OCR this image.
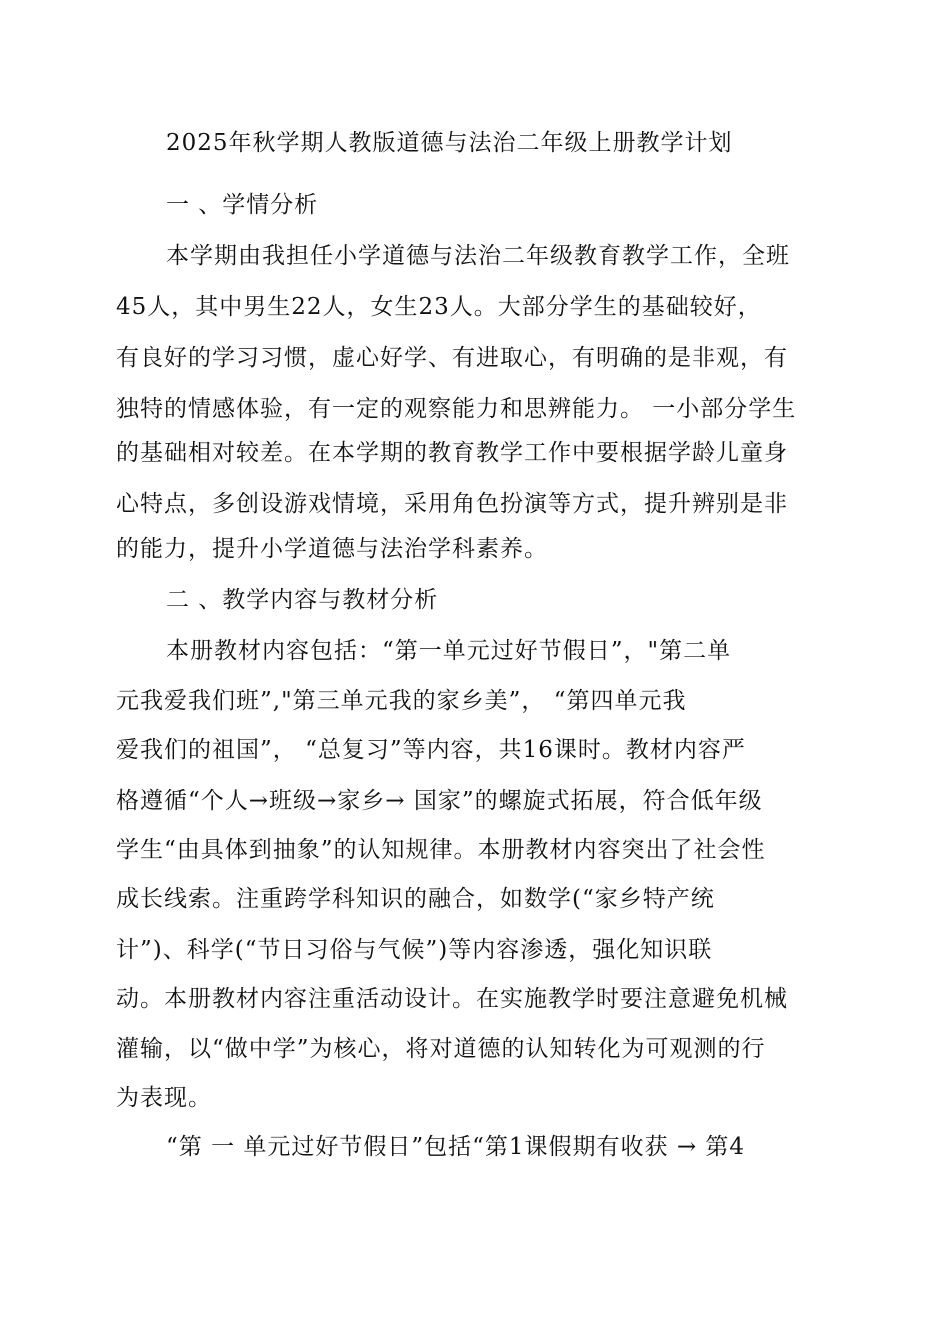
2025年秋学期人教版道德与法治二年级上册教学计划
一 、学情分析
本学期由我担任小学道德与法治二年级教育教学工作，全班
45人，其中男生22人，女生23人。大部分学生的基础较好，
有良好的学习习惯，虚心好学、有进取心，有明确的是非观，有
独特的情感体验，有一定的观察能力和思辨能力。 一小部分学生
的基础相对较差。在本学期的教育教学工作中要根据学龄儿童身
心特点，多创设游戏情境，采用角色扮演等方式，提升辨别是非
的能力，提升小学道德与法治学科素养。
二 、教学内容与教材分析
本册教材内容包括：“第一单元过好节假日”，"第二单
元我爱我们班”,"第三单元我的家乡美”， “第四单元我
爱我们的祖国”， “总复习”等内容，共16课时。教材内容严
格遵循“个人→班级→家乡→ 国家”的螺旋式拓展，符合低年级
学生“由具体到抽象”的认知规律。本册教材内容突出了社会性
成长线索。注重跨学科知识的融合，如数学(“家乡特产统
计”)、科学(“节日习俗与气候”)等内容渗透，强化知识联
动。本册教材内容注重活动设计。在实施教学时要注意避免机械
灌输，以“做中学”为核心，将对道德的认知转化为可观测的行
为表现。
“第 一 单元过好节假日”包括“第1课假期有收获 → 第4
